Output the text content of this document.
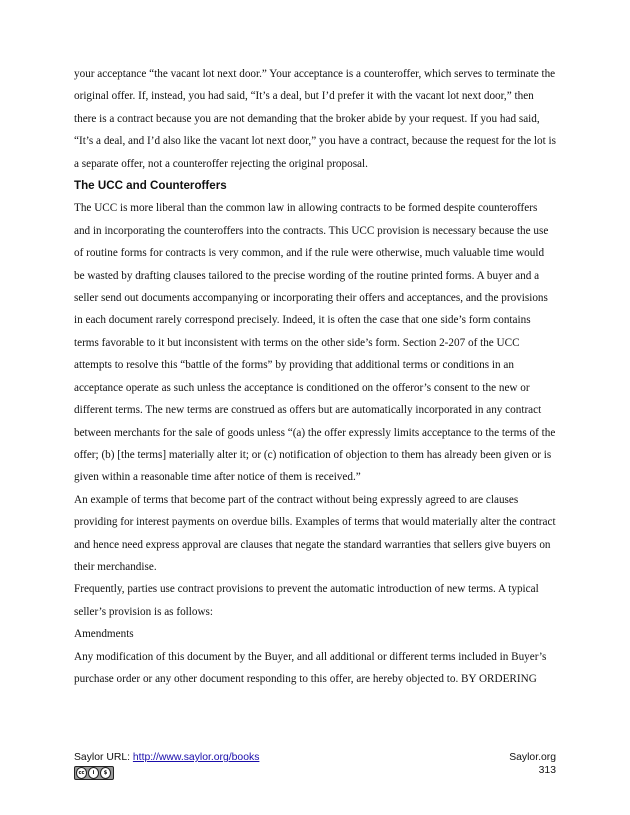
your acceptance “the vacant lot next door.” Your acceptance is a counteroffer, which serves to terminate the original offer. If, instead, you had said, “It’s a deal, but I’d prefer it with the vacant lot next door,” then there is a contract because you are not demanding that the broker abide by your request. If you had said, “It’s a deal, and I’d also like the vacant lot next door,” you have a contract, because the request for the lot is a separate offer, not a counteroffer rejecting the original proposal.

The UCC and Counteroffers

The UCC is more liberal than the common law in allowing contracts to be formed despite counteroffers and in incorporating the counteroffers into the contracts. This UCC provision is necessary because the use of routine forms for contracts is very common, and if the rule were otherwise, much valuable time would be wasted by drafting clauses tailored to the precise wording of the routine printed forms. A buyer and a seller send out documents accompanying or incorporating their offers and acceptances, and the provisions in each document rarely correspond precisely. Indeed, it is often the case that one side’s form contains terms favorable to it but inconsistent with terms on the other side’s form. Section 2-207 of the UCC attempts to resolve this “battle of the forms” by providing that additional terms or conditions in an acceptance operate as such unless the acceptance is conditioned on the offeror’s consent to the new or different terms. The new terms are construed as offers but are automatically incorporated in any contract between merchants for the sale of goods unless “(a) the offer expressly limits acceptance to the terms of the offer; (b) [the terms] materially alter it; or (c) notification of objection to them has already been given or is given within a reasonable time after notice of them is received.”

An example of terms that become part of the contract without being expressly agreed to are clauses providing for interest payments on overdue bills. Examples of terms that would materially alter the contract and hence need express approval are clauses that negate the standard warranties that sellers give buyers on their merchandise.

Frequently, parties use contract provisions to prevent the automatic introduction of new terms. A typical seller’s provision is as follows:

Amendments

Any modification of this document by the Buyer, and all additional or different terms included in Buyer’s purchase order or any other document responding to this offer, are hereby objected to. BY ORDERING

Saylor URL: http://www.saylor.org/books
cc	i	$
Saylor.org
313
